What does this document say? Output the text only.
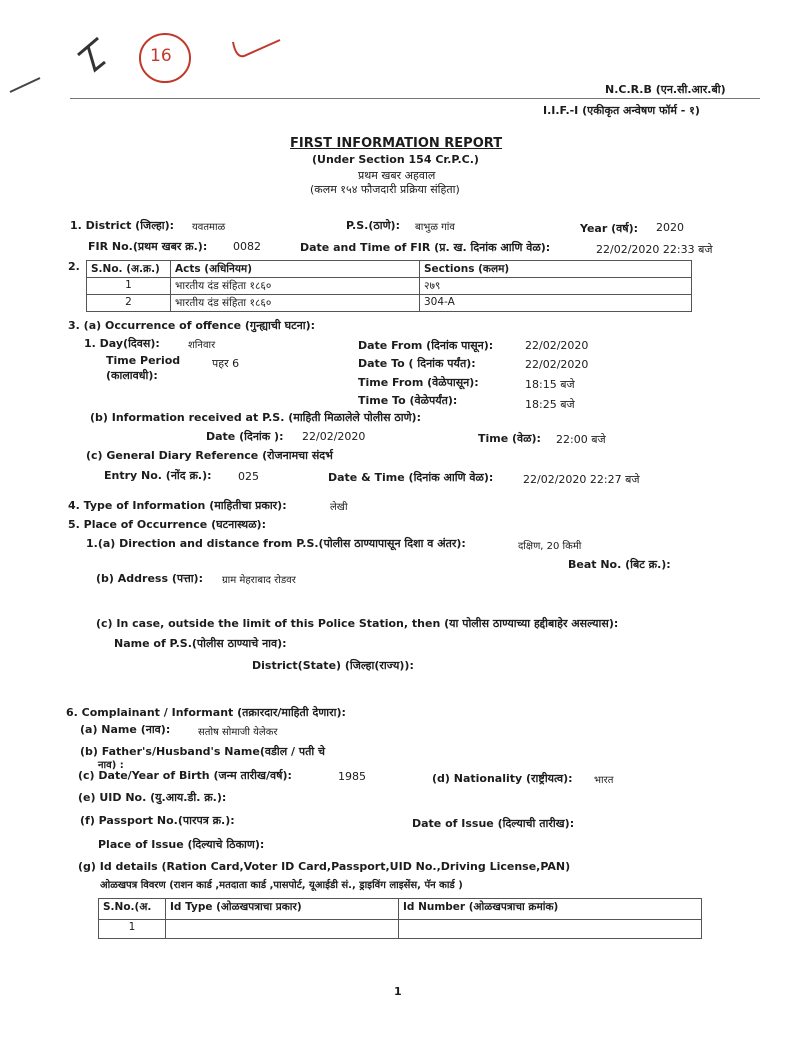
16
N.C.R.B (एन.सी.आर.बी)
I.I.F.-I (एकीकृत अन्वेषण फॉर्म - १)
FIRST INFORMATION REPORT
(Under Section 154 Cr.P.C.)
प्रथम खबर अहवाल
(कलम १५४ फौजदारी प्रक्रिया संहिता)
1. District (जिल्हा): यवतमाळ	P.S.(ठाणे): बाभुळ गांव	Year (वर्ष): 2020
FIR No.(प्रथम खबर क्र.): 0082	Date and Time of FIR (प्र. ख. दिनांक आणि वेळ):	22/02/2020 22:33 बजे
2. S.No. (अ.क्र.)	Acts (अधिनियम)	Sections (कलम)
1	भारतीय दंड संहिता १८६०	२७९
2	भारतीय दंड संहिता १८६०	304-A
3. (a) Occurrence of offence (गुन्ह्याची घटना):
1. Day(दिवस):	शनिवार
Time Period
(कालावधी):
पहर 6
Date From (दिनांक पासून):	22/02/2020
Date To ( दिनांक पर्यंत):	22/02/2020
Time From (वेळेपासून):	18:15 बजे
Time To (वेळेपर्यंत):	18:25 बजे
(b) Information received at P.S. (माहिती मिळालेले पोलीस ठाणे):
Date (दिनांक ): 22/02/2020	Time (वेळ): 22:00 बजे
(c) General Diary Reference (रोजनामचा संदर्भ
Entry No. (नोंद क्र.): 025	Date & Time (दिनांक आणि वेळ):	22/02/2020 22:27 बजे
4. Type of Information (माहितीचा प्रकार):	लेखी
5. Place of Occurrence (घटनास्थळ):
1.(a) Direction and distance from P.S.(पोलीस ठाण्यापासून दिशा व अंतर):	दक्षिण, 20 किमी
Beat No. (बिट क्र.):
(b) Address (पत्ता): ग्राम मेहराबाद रोडवर
(c) In case, outside the limit of this Police Station, then (या पोलीस ठाण्याच्या हद्दीबाहेर असल्यास):
Name of P.S.(पोलीस ठाण्याचे नाव):
District(State) (जिल्हा(राज्य)):
6. Complainant / Informant (तक्रारदार/माहिती देणारा):
(a) Name (नाव):	सतोष सोमाजी येलेकर
(b) Father's/Husband's Name(वडील / पती चे
नाव) :
(c) Date/Year of Birth (जन्म तारीख/वर्ष):	1985	(d) Nationality (राष्ट्रीयत्व): भारत
(e) UID No. (यु.आय.डी. क्र.):
(f) Passport No.(पारपत्र क्र.):	Date of Issue (दिल्याची तारीख):
Place of Issue (दिल्याचे ठिकाण):
(g) Id details (Ration Card,Voter ID Card,Passport,UID No.,Driving License,PAN)
ओळखपत्र विवरण (राशन कार्ड ,मतदाता कार्ड ,पासपोर्ट, यूआईडी सं., ड्राइविंग लाइसेंस, पॅन कार्ड )
S.No.(अ.	Id Type (ओळखपत्राचा प्रकार)	Id Number (ओळखपत्राचा क्रमांक)
1		
1
